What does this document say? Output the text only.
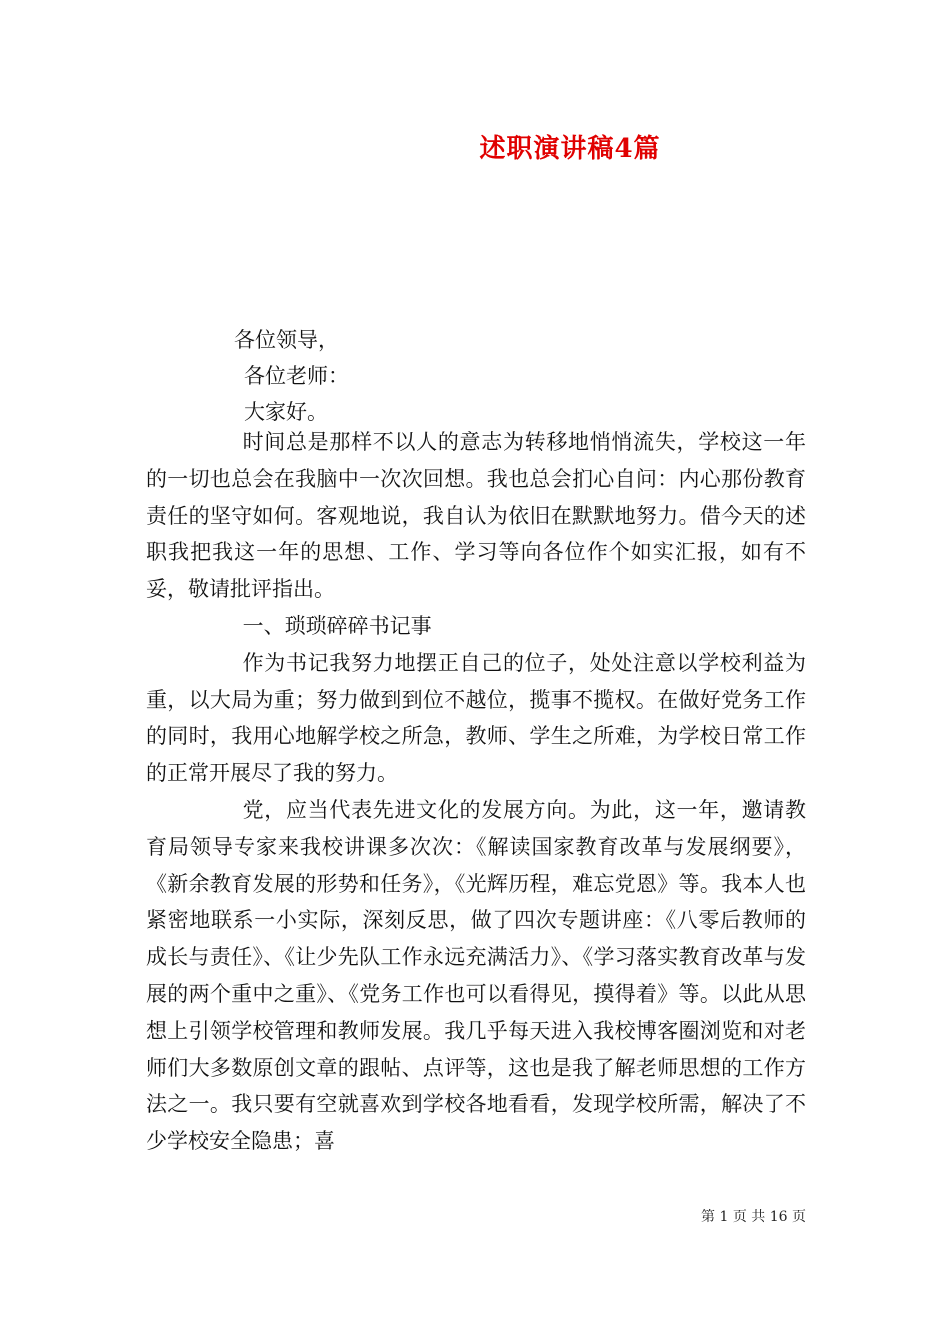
述职演讲稿4篇
各位领导，
各位老师：
大家好。

时间总是那样不以人的意志为转移地悄悄流失，学校这一年的一切也总会在我脑中一次次回想。我也总会扪心自问：内心那份教育责任的坚守如何。客观地说，我自认为依旧在默默地努力。借今天的述职我把我这一年的思想、工作、学习等向各位作个如实汇报，如有不妥，敬请批评指出。

一、琐琐碎碎书记事

作为书记我努力地摆正自己的位子，处处注意以学校利益为重，以大局为重；努力做到到位不越位，揽事不揽权。在做好党务工作的同时，我用心地解学校之所急，教师、学生之所难，为学校日常工作的正常开展尽了我的努力。

党，应当代表先进文化的发展方向。为此，这一年，邀请教育局领导专家来我校讲课多次次：《解读国家教育改革与发展纲要》，《新余教育发展的形势和任务》，《光辉历程，难忘党恩》等。我本人也紧密地联系一小实际，深刻反思，做了四次专题讲座：《八零后教师的成长与责任》、《让少先队工作永远充满活力》、《学习落实教育改革与发展的两个重中之重》、《党务工作也可以看得见，摸得着》等。以此从思想上引领学校管理和教师发展。我几乎每天进入我校博客圈浏览和对老师们大多数原创文章的跟帖、点评等，这也是我了解老师思想的工作方法之一。我只要有空就喜欢到学校各地看看，发现学校所需，解决了不少学校安全隐患；喜

第 1 页 共 16 页
